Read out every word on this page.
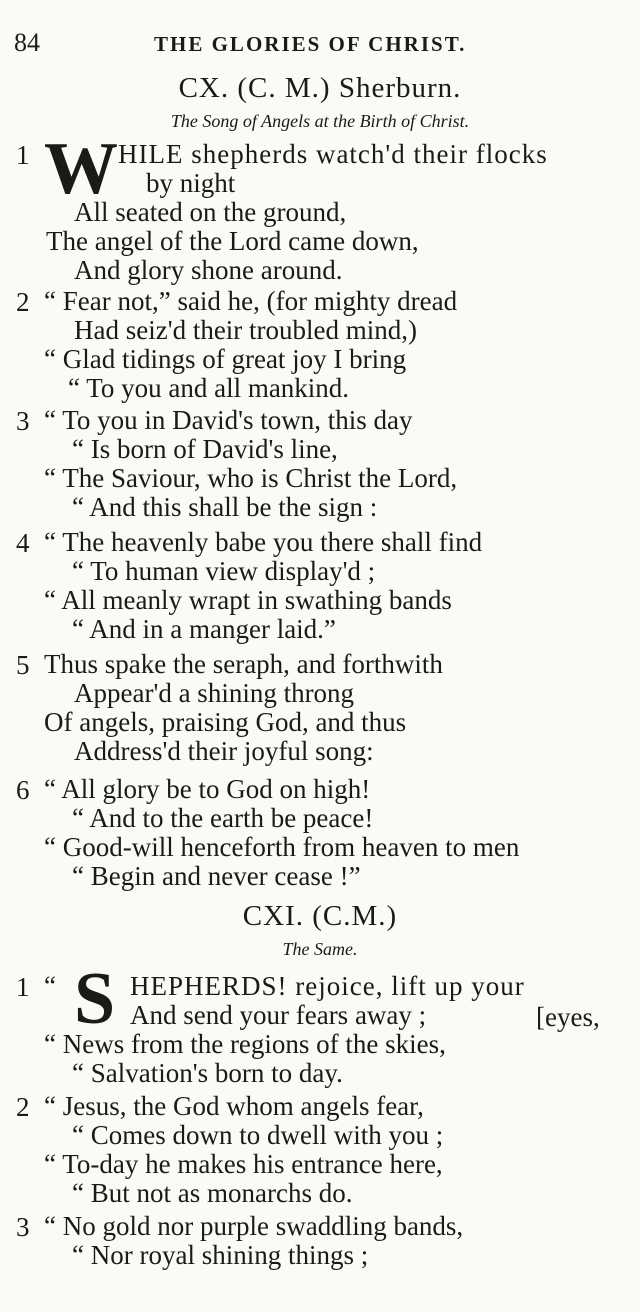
84	THE GLORIES OF CHRIST.
CX. (C. M.) Sherburn.
The Song of Angels at the Birth of Christ.
1 W HILE shepherds watch'd their flocks
by night
All seated on the ground,
The angel of the Lord came down,
And glory shone around.
2 “ Fear not,” said he, (for mighty dread
Had seiz'd their troubled mind,)
“ Glad tidings of great joy I bring
“ To you and all mankind.
3 “ To you in David's town, this day
“ Is born of David's line,
“ The Saviour, who is Christ the Lord,
“ And this shall be the sign :
4 “ The heavenly babe you there shall find
“ To human view display'd ;
“ All meanly wrapt in swathing bands
“ And in a manger laid.”
5 Thus spake the seraph, and forthwith
Appear'd a shining throng
Of angels, praising God, and thus
Address'd their joyful song:
6 “ All glory be to God on high!
“ And to the earth be peace!
“ Good-will henceforth from heaven to men
“ Begin and never cease !”
CXI. (C.M.)
The Same.
1 “ S HEPHERDS! rejoice, lift up your
And send your fears away ;	[eyes,
“ News from the regions of the skies,
“ Salvation's born to day.
2 “ Jesus, the God whom angels fear,
“ Comes down to dwell with you ;
“ To-day he makes his entrance here,
“ But not as monarchs do.
3 “ No gold nor purple swaddling bands,
“ Nor royal shining things ;
